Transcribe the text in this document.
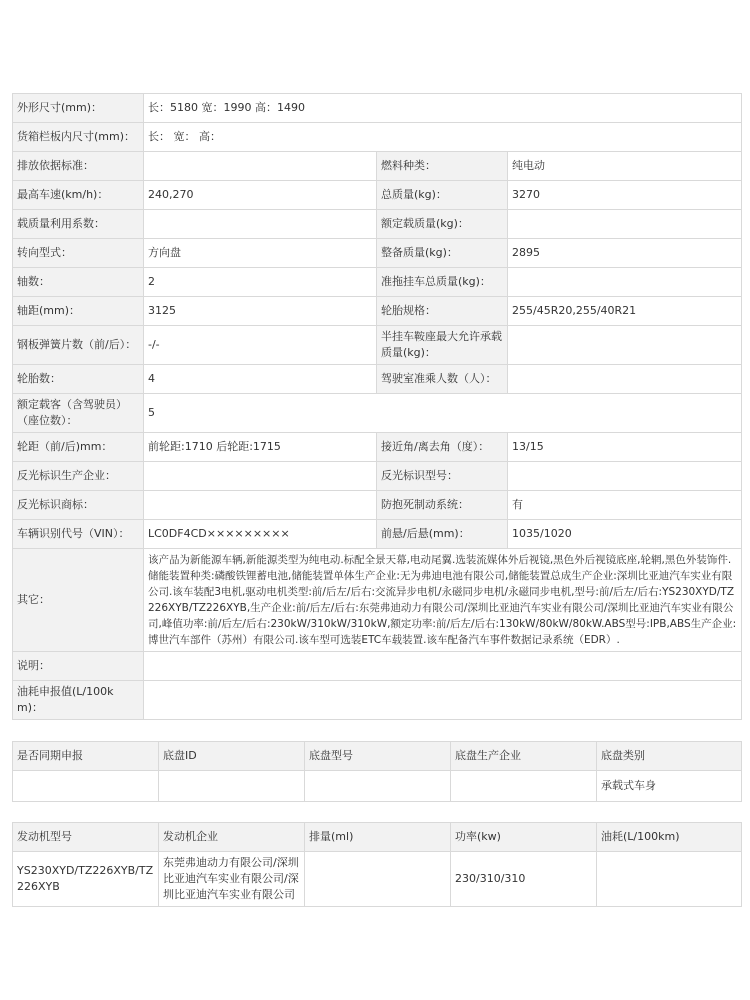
外形尺寸(mm)：	长：5180 宽：1990 高：1490		
货箱栏板内尺寸(mm)：	长： 宽： 高：		
排放依据标准：		燃料种类：	纯电动
最高车速(km/h)：	240,270	总质量(kg)：	3270
载质量利用系数：		额定载质量(kg)：	
转向型式：	方向盘	整备质量(kg)：	2895
轴数：	2	准拖挂车总质量(kg)：	
轴距(mm)：	3125	轮胎规格：	255/45R20,255/40R21
钢板弹簧片数（前/后）：	-/-	半挂车鞍座最大允许承载质量(kg)：	
轮胎数：	4	驾驶室准乘人数（人）：	
额定载客（含驾驶员）（座位数）：	5		
轮距（前/后)mm：	前轮距:1710 后轮距:1715	接近角/离去角（度）：	13/15
反光标识生产企业：		反光标识型号：	
反光标识商标：		防抱死制动系统：	有
车辆识别代号（VIN）：	LC0DF4CD×××××××××	前悬/后悬(mm)：	1035/1020
其它：	该产品为新能源车辆,新能源类型为纯电动.标配全景天幕,电动尾翼.选装流媒体外后视镜,黑色外后视镜底座,轮辋,黑色外装饰件.储能装置种类:磷酸铁锂蓄电池,储能装置单体生产企业:无为弗迪电池有限公司,储能装置总成生产企业:深圳比亚迪汽车实业有限公司.该车装配3电机,驱动电机类型:前/后左/后右:交流异步电机/永磁同步电机/永磁同步电机,型号:前/后左/后右:YS230XYD/TZ226XYB/TZ226XYB,生产企业:前/后左/后右:东莞弗迪动力有限公司/深圳比亚迪汽车实业有限公司/深圳比亚迪汽车实业有限公司,峰值功率:前/后左/后右:230kW/310kW/310kW,额定功率:前/后左/后右:130kW/80kW/80kW.ABS型号:IPB,ABS生产企业:博世汽车部件（苏州）有限公司.该车型可选装ETC车载装置.该车配备汽车事件数据记录系统（EDR）.		
说明：			
油耗申报值(L/100km)：			
是否同期申报	底盘ID	底盘型号	底盘生产企业	底盘类别
				承载式车身
发动机型号	发动机企业	排量(ml)	功率(kw)	油耗(L/100km)
YS230XYD/TZ226XYB/TZ226XYB	东莞弗迪动力有限公司/深圳比亚迪汽车实业有限公司/深圳比亚迪汽车实业有限公司		230/310/310	
